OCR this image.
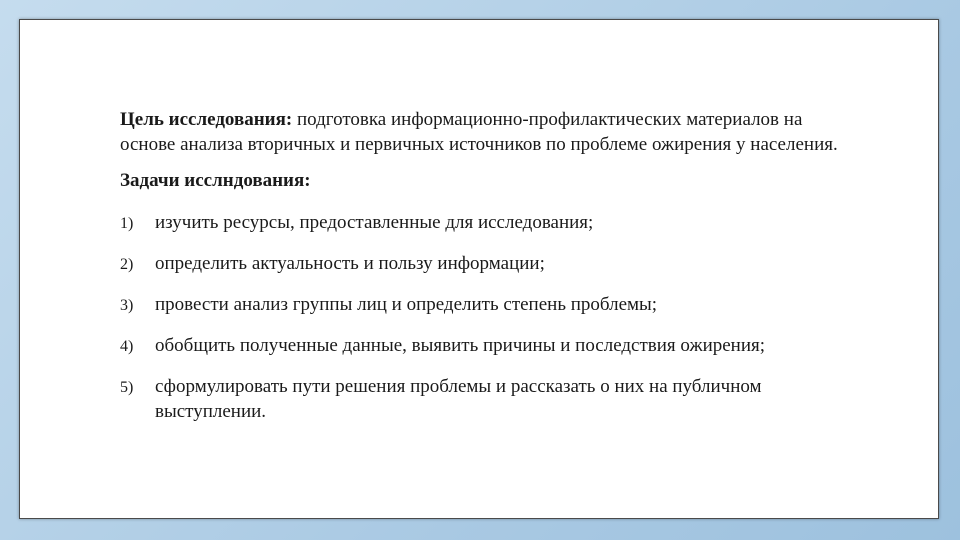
Цель исследования: подготовка информационно-профилактических материалов на основе анализа вторичных и первичных источников по проблеме ожирения у населения.

Задачи исслндования:

1) изучить ресурсы, предоставленные для исследования;
2) определить актуальность и пользу информации;
3) провести анализ группы лиц и определить степень проблемы;
4) обобщить полученные данные, выявить причины и последствия ожирения;
5) сформулировать пути решения проблемы и рассказать о них на публичном выступлении.
